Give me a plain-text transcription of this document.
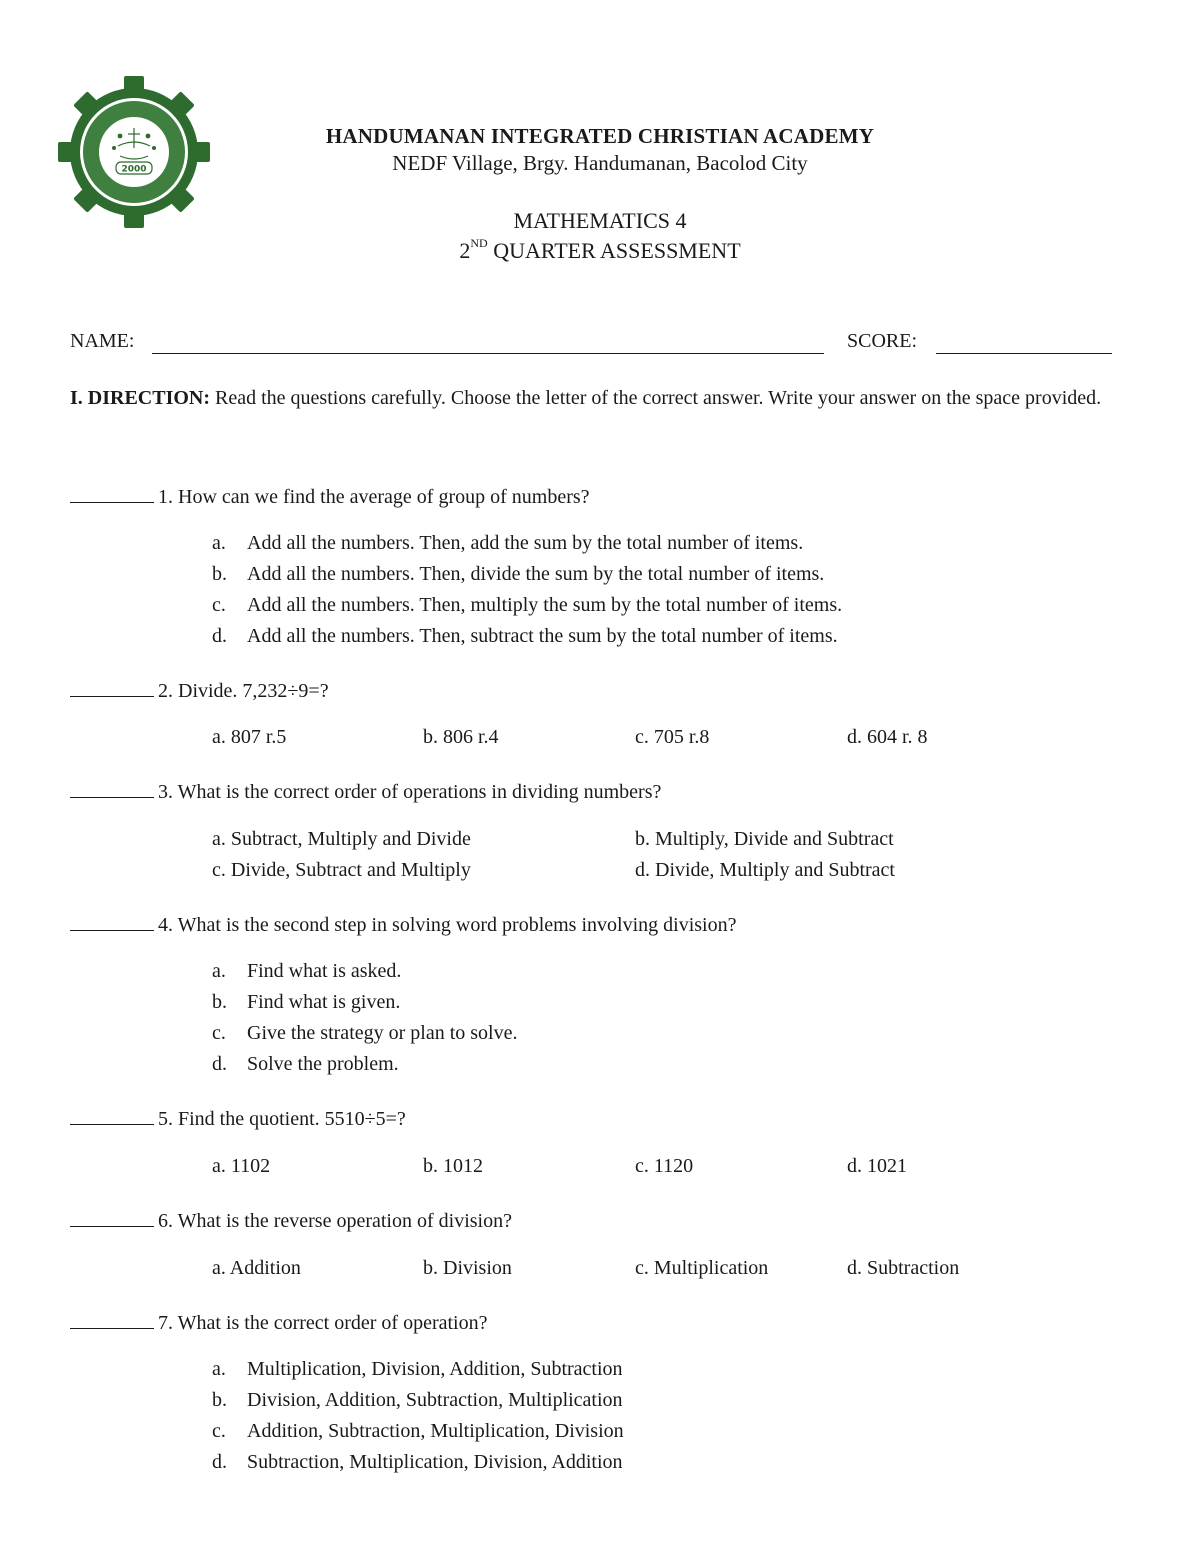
HANDUMANAN INTEGRATED CHRISTIAN ACADEMY
2000
HANDUMANAN INTEGRATED CHRISTIAN ACADEMY
NEDF Village, Brgy. Handumanan, Bacolod City
MATHEMATICS 4
2ND QUARTER ASSESSMENT
NAME:	SCORE:
I. DIRECTION: Read the questions carefully. Choose the letter of the correct answer. Write your answer on the space provided.
1. How can we find the average of group of numbers?
a. Add all the numbers. Then, add the sum by the total number of items.
b. Add all the numbers. Then, divide the sum by the total number of items.
c. Add all the numbers. Then, multiply the sum by the total number of items.
d. Add all the numbers. Then, subtract the sum by the total number of items.
2. Divide. 7,232÷9=?
a. 807 r.5	b. 806 r.4	c. 705 r.8	d. 604 r. 8
3. What is the correct order of operations in dividing numbers?
a. Subtract, Multiply and Divide	b. Multiply, Divide and Subtract
c. Divide, Subtract and Multiply	d. Divide, Multiply and Subtract
4. What is the second step in solving word problems involving division?
a. Find what is asked.
b. Find what is given.
c. Give the strategy or plan to solve.
d. Solve the problem.
5. Find the quotient. 5510÷5=?
a. 1102	b. 1012	c. 1120	d. 1021
6. What is the reverse operation of division?
a. Addition	b. Division	c. Multiplication	d. Subtraction
7. What is the correct order of operation?
a. Multiplication, Division, Addition, Subtraction
b. Division, Addition, Subtraction, Multiplication
c. Addition, Subtraction, Multiplication, Division
d. Subtraction, Multiplication, Division, Addition
